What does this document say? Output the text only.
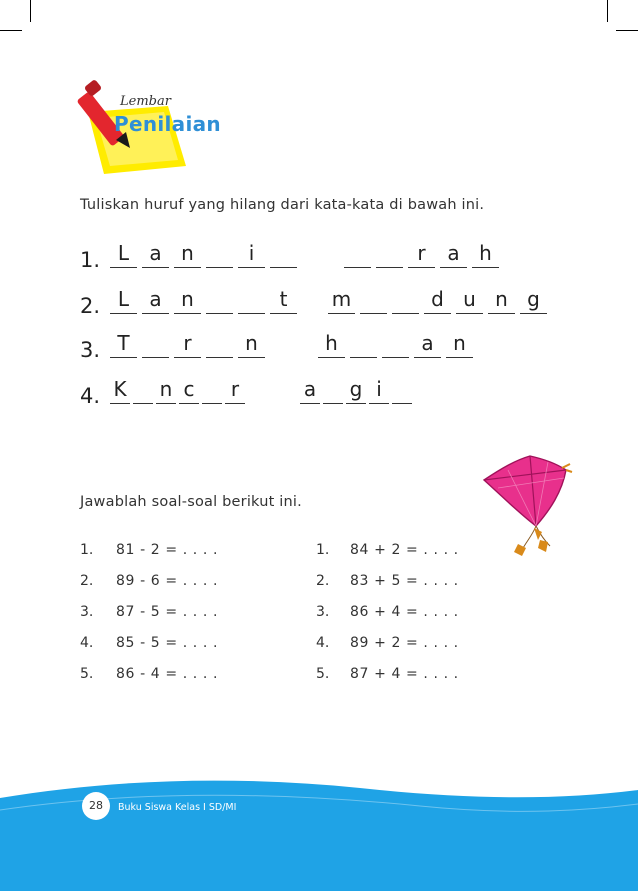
Lembar
Penilaian
Tuliskan huruf yang hilang dari kata-kata di bawah ini.
1. L	a n	i	r	a h
2. L	a n	t	m	d u n g
3. T	r	n	h	a n
4. K n c r	a g i
Jawablah soal-soal berikut ini.
1. 81 - 2 = . . . .
2. 89 - 6 = . . . .
3. 87 - 5 = . . . .
4. 85 - 5 = . . . .
5. 86 - 4 = . . . .
1. 84 + 2 = . . . .
2. 83 + 5 = . . . .
3. 86 + 4 = . . . .
4. 89 + 2 = . . . .
5. 87 + 4 = . . . .
28	Buku Siswa Kelas I SD/MI
